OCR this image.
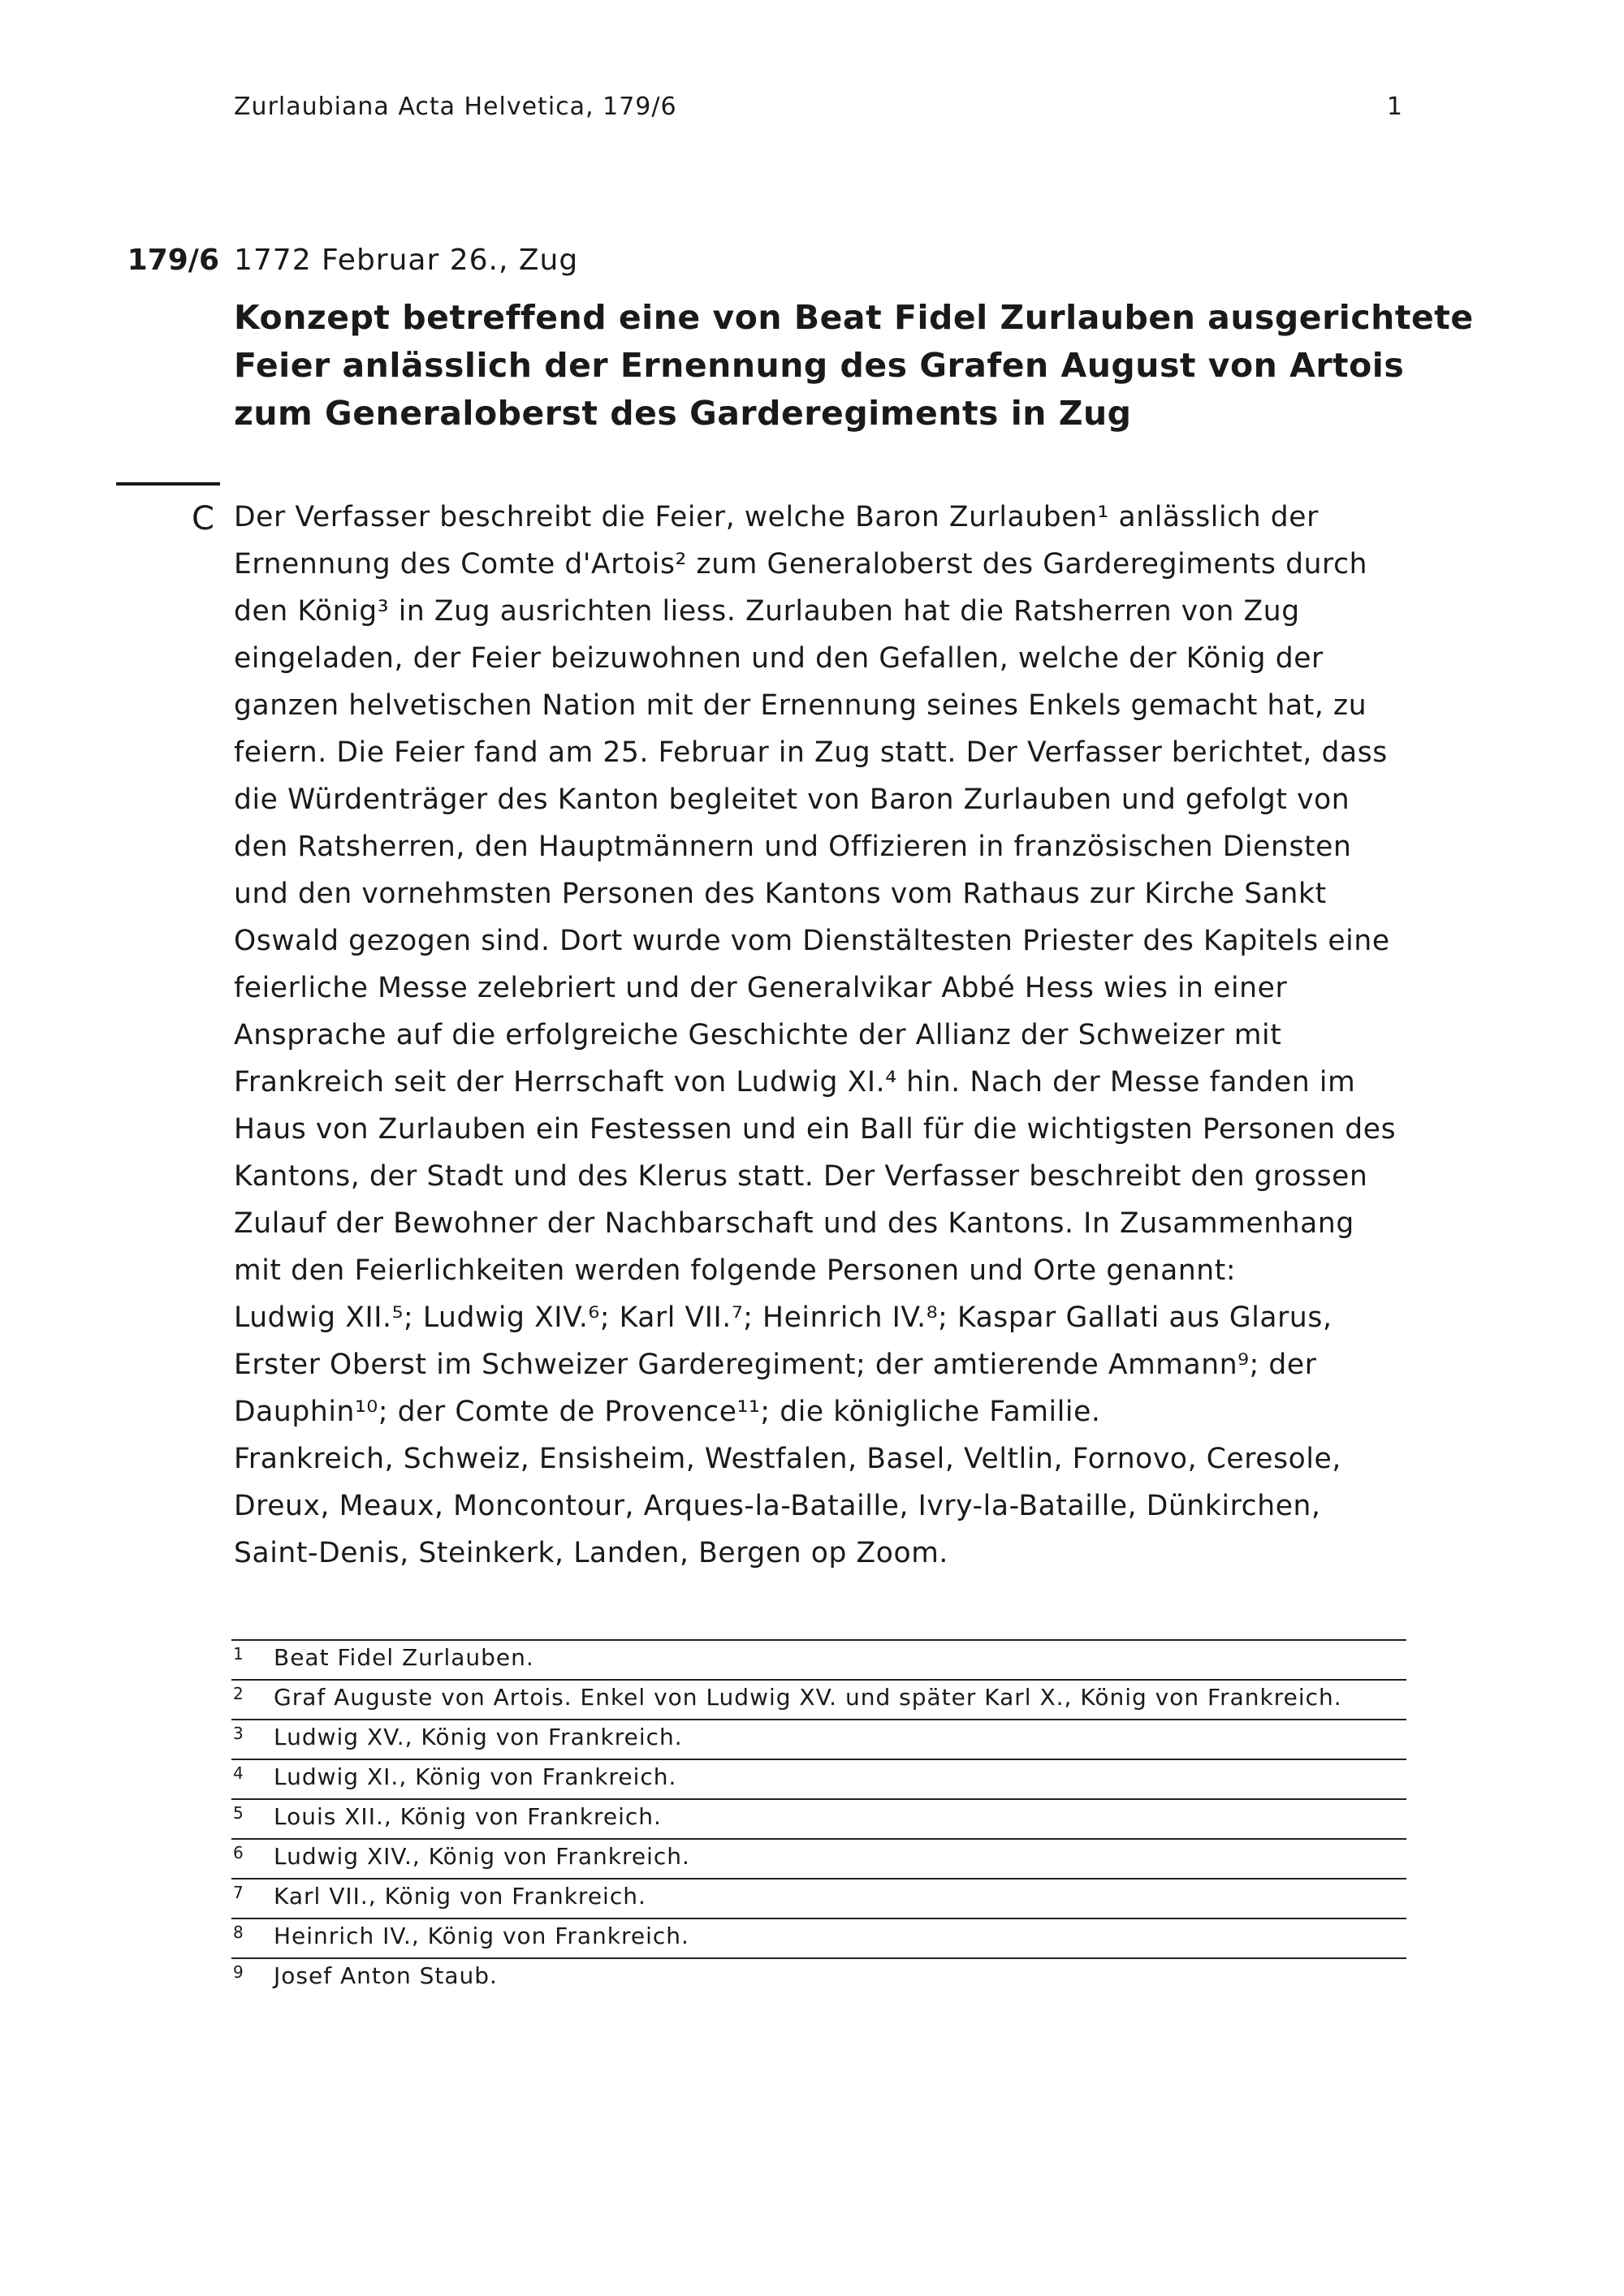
Zurlaubiana Acta Helvetica, 179/6	1
179/6 1772 Februar 26., Zug
Konzept betreffend eine von Beat Fidel Zurlauben ausgerichtete
Feier anlässlich der Ernennung des Grafen August von Artois
zum Generaloberst des Garderegiments in Zug
C Der Verfasser beschreibt die Feier, welche Baron Zurlauben¹ anlässlich der
Ernennung des Comte d'Artois² zum Generaloberst des Garderegiments durch
den König³ in Zug ausrichten liess. Zurlauben hat die Ratsherren von Zug
eingeladen, der Feier beizuwohnen und den Gefallen, welche der König der
ganzen helvetischen Nation mit der Ernennung seines Enkels gemacht hat, zu
feiern. Die Feier fand am 25. Februar in Zug statt. Der Verfasser berichtet, dass
die Würdenträger des Kanton begleitet von Baron Zurlauben und gefolgt von
den Ratsherren, den Hauptmännern und Offizieren in französischen Diensten
und den vornehmsten Personen des Kantons vom Rathaus zur Kirche Sankt
Oswald gezogen sind. Dort wurde vom Dienstältesten Priester des Kapitels eine
feierliche Messe zelebriert und der Generalvikar Abbé Hess wies in einer
Ansprache auf die erfolgreiche Geschichte der Allianz der Schweizer mit
Frankreich seit der Herrschaft von Ludwig XI.⁴ hin. Nach der Messe fanden im
Haus von Zurlauben ein Festessen und ein Ball für die wichtigsten Personen des
Kantons, der Stadt und des Klerus statt. Der Verfasser beschreibt den grossen
Zulauf der Bewohner der Nachbarschaft und des Kantons. In Zusammenhang
mit den Feierlichkeiten werden folgende Personen und Orte genannt:
Ludwig XII.⁵; Ludwig XIV.⁶; Karl VII.⁷; Heinrich IV.⁸; Kaspar Gallati aus Glarus,
Erster Oberst im Schweizer Garderegiment; der amtierende Ammann⁹; der
Dauphin¹⁰; der Comte de Provence¹¹; die königliche Familie.
Frankreich, Schweiz, Ensisheim, Westfalen, Basel, Veltlin, Fornovo, Ceresole,
Dreux, Meaux, Moncontour, Arques-la-Bataille, Ivry-la-Bataille, Dünkirchen,
Saint-Denis, Steinkerk, Landen, Bergen op Zoom.
1	Beat Fidel Zurlauben.
2	Graf Auguste von Artois. Enkel von Ludwig XV. und später Karl X., König von Frankreich.
3	Ludwig XV., König von Frankreich.
4	Ludwig XI., König von Frankreich.
5	Louis XII., König von Frankreich.
6	Ludwig XIV., König von Frankreich.
7	Karl VII., König von Frankreich.
8	Heinrich IV., König von Frankreich.
9	Josef Anton Staub.
